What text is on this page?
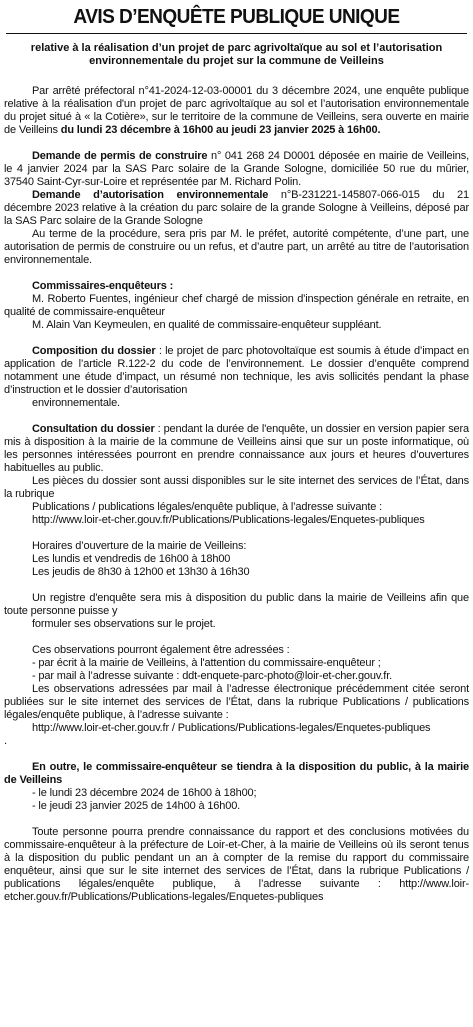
AVIS D’ENQUÊTE PUBLIQUE UNIQUE
relative à la réalisation d’un projet de parc agrivoltaïque au sol et l’autorisation environnementale du projet sur la commune de Veilleins

Par arrêté préfectoral n°41-2024-12-03-00001 du 3 décembre 2024, une enquête publique relative à la réalisation d'un projet de parc agrivoltaïque au sol et l’autorisation environnementale du projet situé à « la Cotière», sur le territoire de la commune de Veilleins, sera ouverte en mairie de Veilleins du lundi 23 décembre à 16h00 au jeudi 23 janvier 2025 à 16h00.

Demande de permis de construire n° 041 268 24 D0001 déposée en mairie de Veilleins, le 4 janvier 2024 par la SAS Parc solaire de la Grande Sologne, domiciliée 50 rue du mûrier, 37540 Saint-Cyr-sur-Loire et représentée par M. Richard Polin.

Demande d’autorisation environnementale n°B-231221-145807-066-015 du 21 décembre 2023 relative à la création du parc solaire de la grande Sologne à Veilleins, déposé par la SAS Parc solaire de la Grande Sologne

Au terme de la procédure, sera pris par M. le préfet, autorité compétente, d’une part, une autorisation de permis de construire ou un refus, et d’autre part, un arrêté au titre de l’autorisation environnementale.

Commissaires-enquêteurs :

M. Roberto Fuentes, ingénieur chef chargé de mission d'inspection générale en retraite, en qualité de commissaire-enquêteur

M. Alain Van Keymeulen, en qualité de commissaire-enquêteur suppléant.

Composition du dossier : le projet de parc photovoltaïque est soumis à étude d’impact en application de l’article R.122-2 du code de l’environnement. Le dossier d’enquête comprend notamment une étude d’impact, un résumé non technique, les avis sollicités pendant la phase d’instruction et le dossier d’autorisation

environnementale.

Consultation du dossier : pendant la durée de l'enquête, un dossier en version papier sera mis à disposition à la mairie de la commune de Veilleins ainsi que sur un poste informatique, où les personnes intéressées pourront en prendre connaissance aux jours et heures d’ouvertures habituelles au public.

Les pièces du dossier sont aussi disponibles sur le site internet des services de l’État, dans la rubrique

Publications / publications légales/enquête publique, à l’adresse suivante :

http://www.loir-et-cher.gouv.fr/Publications/Publications-legales/Enquetes-publiques

Horaires d’ouverture de la mairie de Veilleins:

Les lundis et vendredis de 16h00 à 18h00

Les jeudis de 8h30 à 12h00 et 13h30 à 16h30

Un registre d'enquête sera mis à disposition du public dans la mairie de Veilleins afin que toute personne puisse y

formuler ses observations sur le projet.

Ces observations pourront également être adressées :

- par écrit à la mairie de Veilleins, à l'attention du commissaire-enquêteur ;

- par mail à l’adresse suivante : ddt-enquete-parc-photo@loir-et-cher.gouv.fr.

Les observations adressées par mail à l’adresse électronique précédemment citée seront publiées sur le site internet des services de l’État, dans la rubrique Publications / publications légales/enquête publique, à l’adresse suivante :

http://www.loir-et-cher.gouv.fr / Publications/Publications-legales/Enquetes-publiques

.

En outre, le commissaire-enquêteur se tiendra à la disposition du public, à la mairie de Veilleins

- le lundi 23 décembre 2024 de 16h00 à 18h00;

- le jeudi 23 janvier 2025 de 14h00 à 16h00.

Toute personne pourra prendre connaissance du rapport et des conclusions motivées du commissaire-enquêteur à la préfecture de Loir-et-Cher, à la mairie de Veilleins où ils seront tenus à la disposition du public pendant un an à compter de la remise du rapport du commissaire enquêteur, ainsi que sur le site internet des services de l’État, dans la rubrique Publications / publications légales/enquête publique, à l’adresse suivante : http://www.loir-etcher.gouv.fr/Publications/Publications-legales/Enquetes-publiques
